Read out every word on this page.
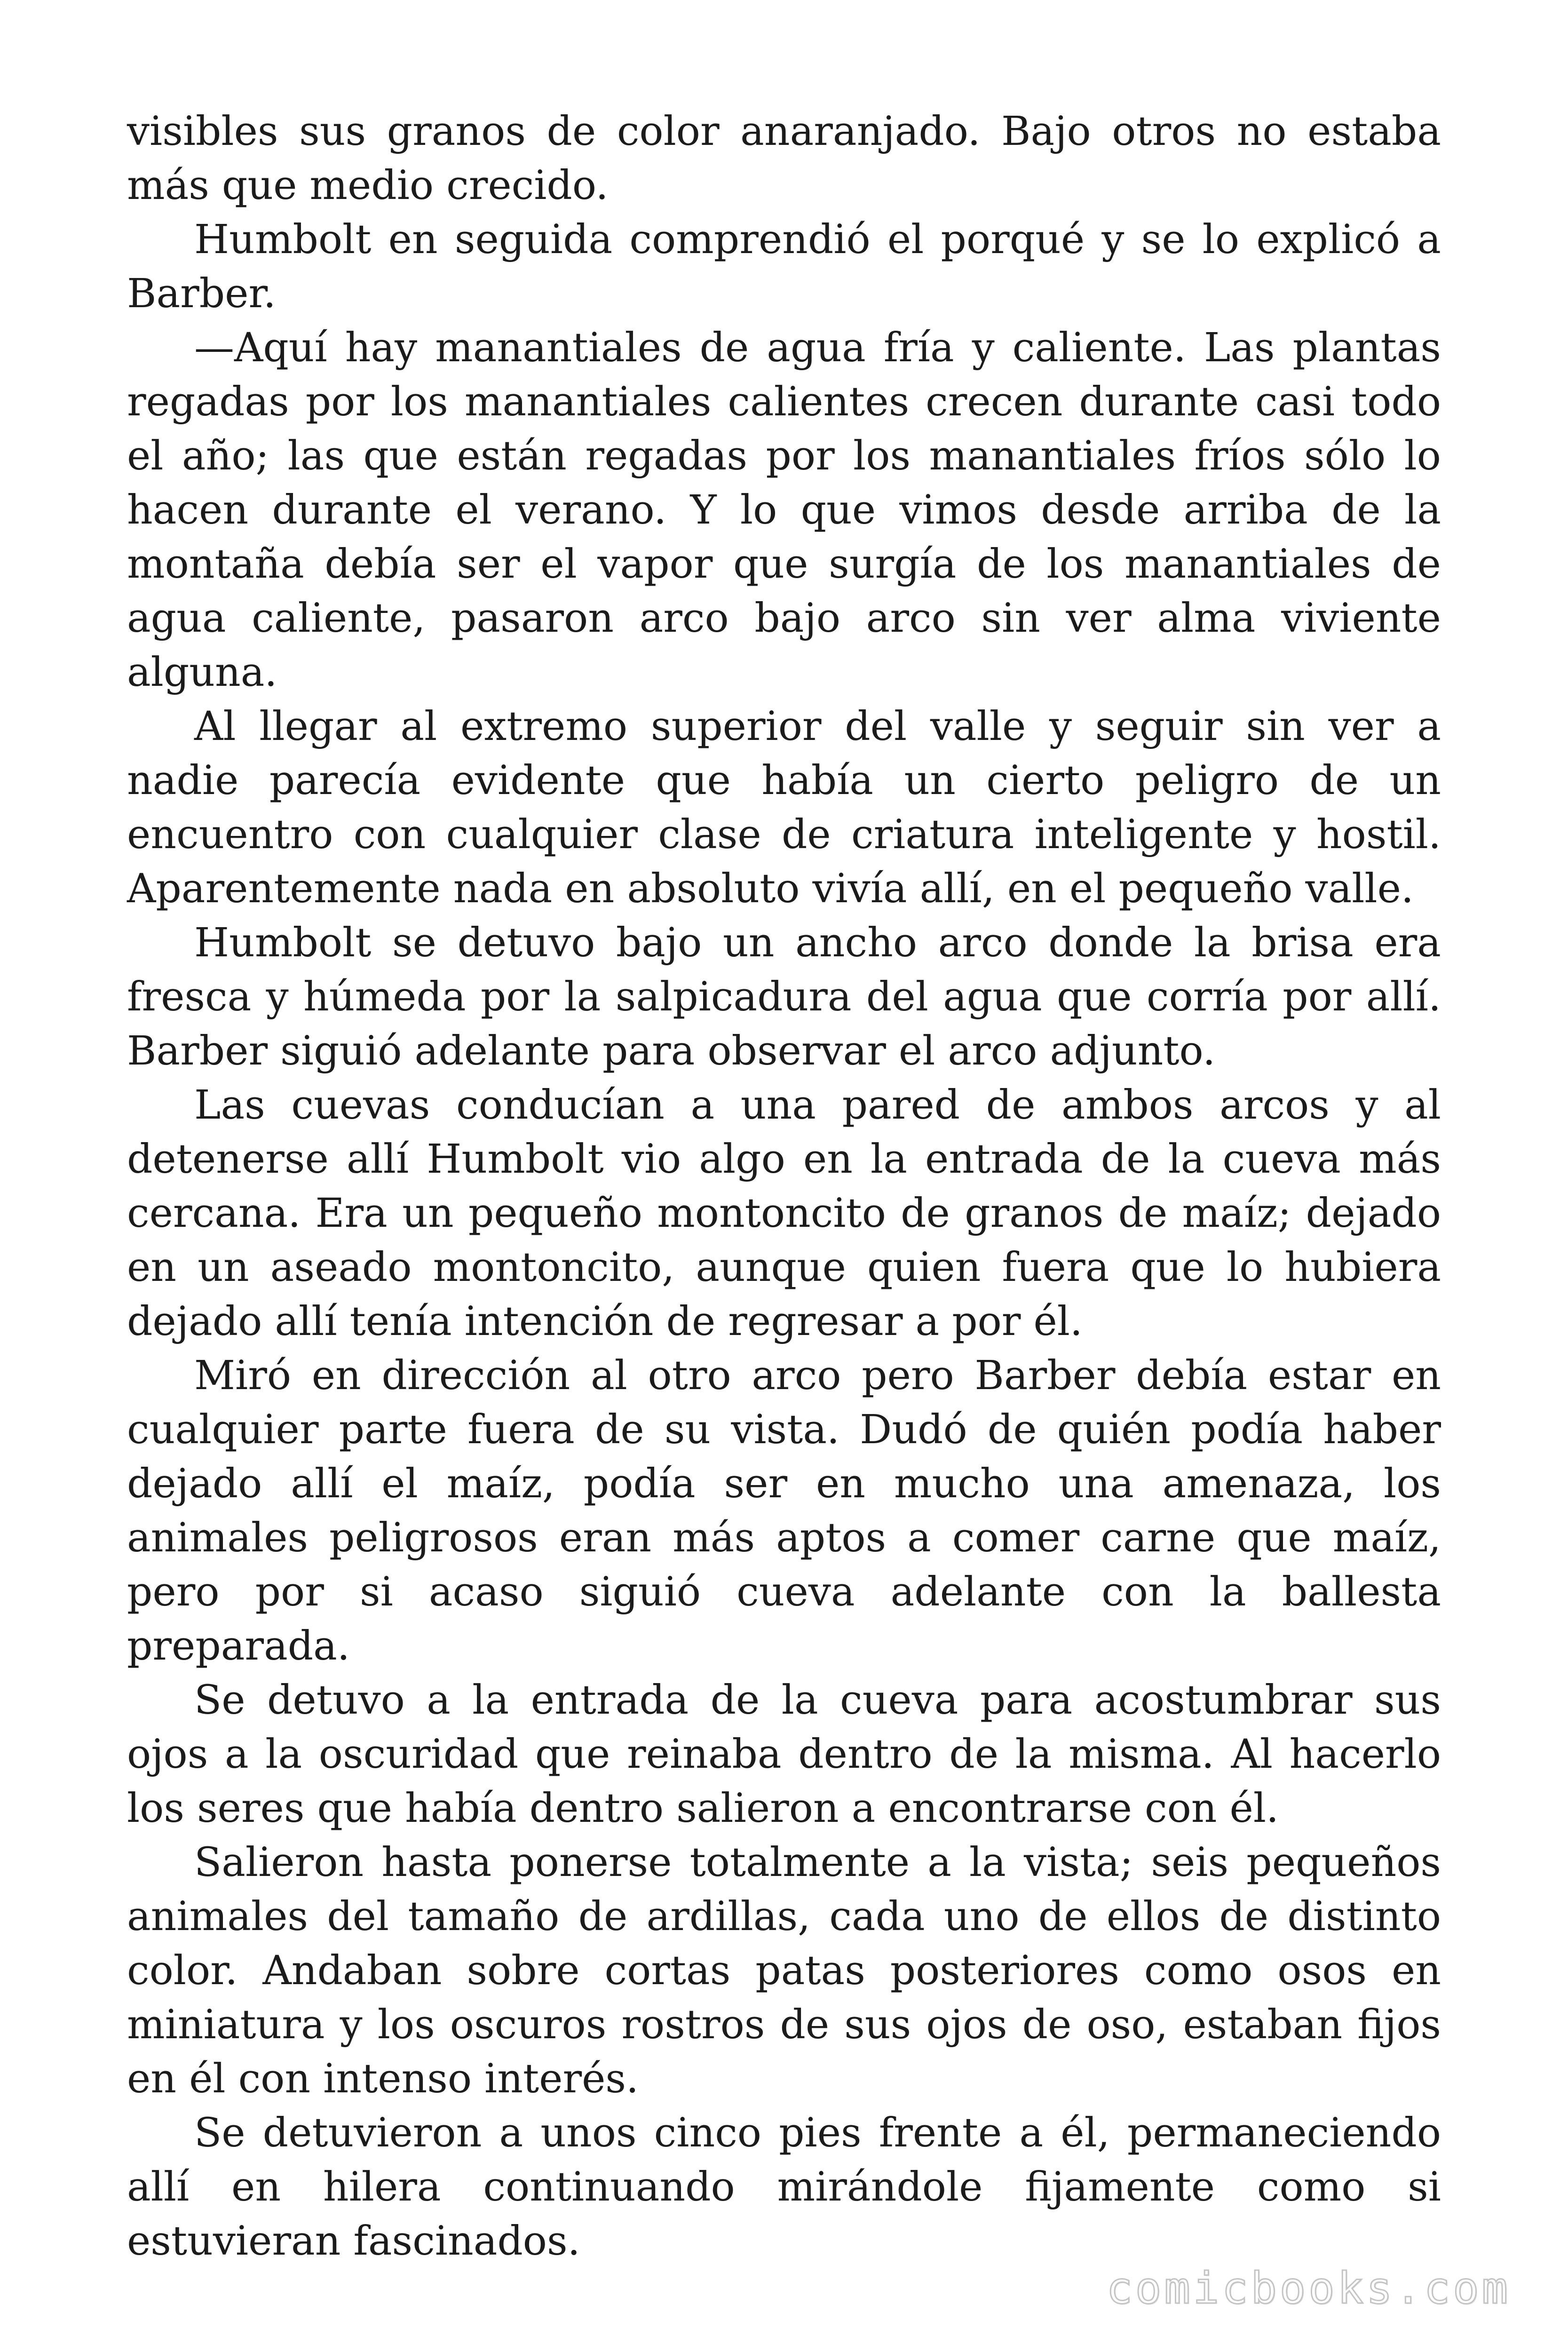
visibles sus granos de color anaranjado. Bajo otros no estaba más que medio crecido.

Humbolt en seguida comprendió el porqué y se lo explicó a Barber.

—Aquí hay manantiales de agua fría y caliente. Las plantas regadas por los manantiales calientes crecen durante casi todo el año; las que están regadas por los manantiales fríos sólo lo hacen durante el verano. Y lo que vimos desde arriba de la montaña debía ser el vapor que surgía de los manantiales de agua caliente, pasaron arco bajo arco sin ver alma viviente alguna.

Al llegar al extremo superior del valle y seguir sin ver a nadie parecía evidente que había un cierto peligro de un encuentro con cualquier clase de criatura inteligente y hostil. Aparentemente nada en absoluto vivía allí, en el pequeño valle.

Humbolt se detuvo bajo un ancho arco donde la brisa era fresca y húmeda por la salpicadura del agua que corría por allí. Barber siguió adelante para observar el arco adjunto.

Las cuevas conducían a una pared de ambos arcos y al detenerse allí Humbolt vio algo en la entrada de la cueva más cercana. Era un pequeño montoncito de granos de maíz; dejado en un aseado montoncito, aunque quien fuera que lo hubiera dejado allí tenía intención de regresar a por él.

Miró en dirección al otro arco pero Barber debía estar en cualquier parte fuera de su vista. Dudó de quién podía haber dejado allí el maíz, podía ser en mucho una amenaza, los animales peligrosos eran más aptos a comer carne que maíz, pero por si acaso siguió cueva adelante con la ballesta preparada.

Se detuvo a la entrada de la cueva para acostumbrar sus ojos a la oscuridad que reinaba dentro de la misma. Al hacerlo los seres que había dentro salieron a encontrarse con él.

Salieron hasta ponerse totalmente a la vista; seis pequeños animales del tamaño de ardillas, cada uno de ellos de distinto color. Andaban sobre cortas patas posteriores como osos en miniatura y los oscuros rostros de sus ojos de oso, estaban fijos en él con intenso interés.

Se detuvieron a unos cinco pies frente a él, permaneciendo allí en hilera continuando mirándole fijamente como si estuvieran fascinados.

comicbooks.com
